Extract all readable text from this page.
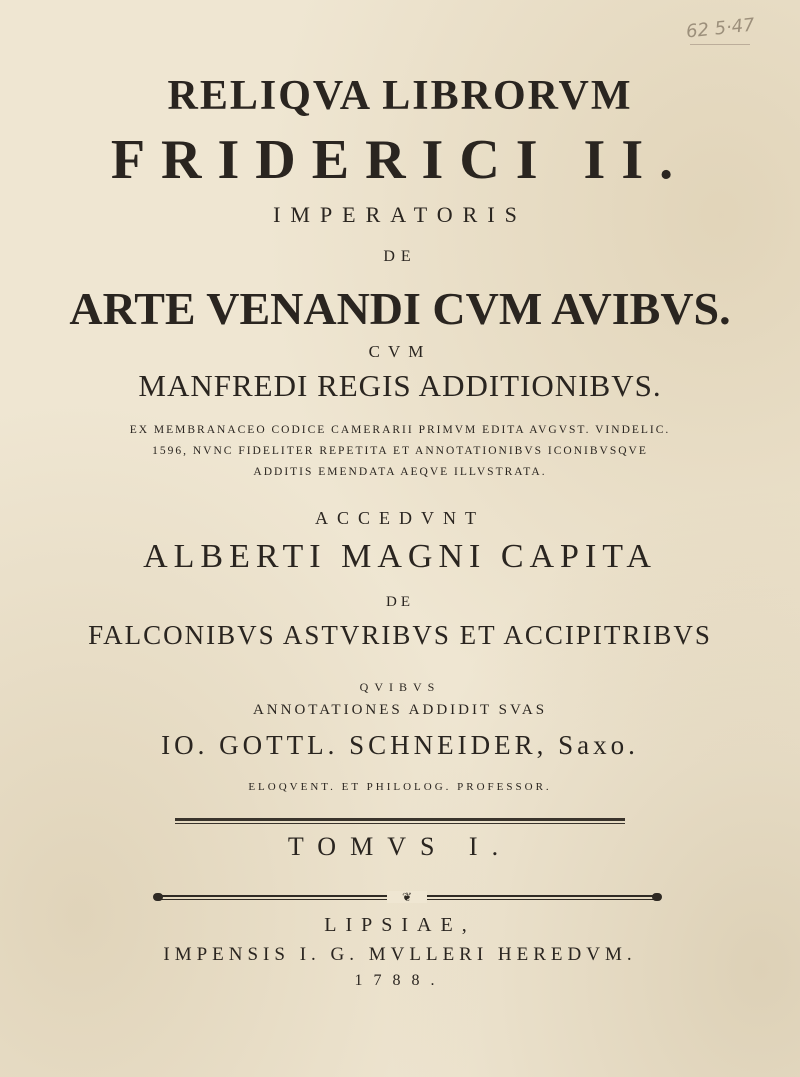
62 5·47
RELIQVA LIBRORVM
FRIDERICI II.
IMPERATORIS
DE
ARTE VENANDI CVM AVIBVS.
CVM
MANFREDI REGIS ADDITIONIBVS.
EX MEMBRANACEO CODICE CAMERARII PRIMVM EDITA AVGVST. VINDELIC.
1596, NVNC FIDELITER REPETITA ET ANNOTATIONIBVS ICONIBVSQVE
ADDITIS EMENDATA AEQVE ILLVSTRATA.
ACCEDVNT
ALBERTI MAGNI CAPITA
DE
FALCONIBVS ASTVRIBVS ET ACCIPITRIBVS
QVIBVS
ANNOTATIONES ADDIDIT SVAS
IO. GOTTL. SCHNEIDER, Saxo.
ELOQVENT. ET PHILOLOG. PROFESSOR.
TOMVS I.
❦
LIPSIAE,
IMPENSIS I. G. MVLLERI HEREDVM.
1788.
